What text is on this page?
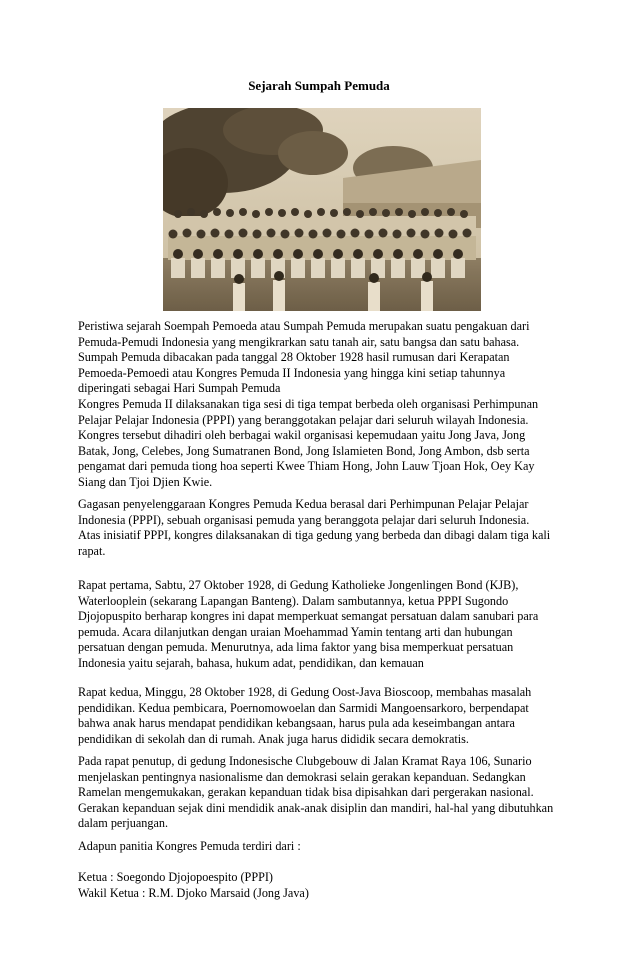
Sejarah Sumpah Pemuda
Peristiwa sejarah Soempah Pemoeda atau Sumpah Pemuda merupakan suatu pengakuan dari
Pemuda-Pemudi Indonesia yang mengikrarkan satu tanah air, satu bangsa dan satu bahasa.
Sumpah Pemuda dibacakan pada tanggal 28 Oktober 1928 hasil rumusan dari Kerapatan
Pemoeda-Pemoedi atau Kongres Pemuda II Indonesia yang hingga kini setiap tahunnya
diperingati sebagai Hari Sumpah Pemuda
Kongres Pemuda II dilaksanakan tiga sesi di tiga tempat berbeda oleh organisasi Perhimpunan
Pelajar Pelajar Indonesia (PPPI) yang beranggotakan pelajar dari seluruh wilayah Indonesia.
Kongres tersebut dihadiri oleh berbagai wakil organisasi kepemudaan yaitu Jong Java, Jong
Batak, Jong, Celebes, Jong Sumatranen Bond, Jong Islamieten Bond, Jong Ambon, dsb serta
pengamat dari pemuda tiong hoa seperti Kwee Thiam Hong, John Lauw Tjoan Hok, Oey Kay
Siang dan Tjoi Djien Kwie.
Gagasan penyelenggaraan Kongres Pemuda Kedua berasal dari Perhimpunan Pelajar Pelajar
Indonesia (PPPI), sebuah organisasi pemuda yang beranggota pelajar dari seluruh Indonesia.
Atas inisiatif PPPI, kongres dilaksanakan di tiga gedung yang berbeda dan dibagi dalam tiga kali
rapat.
Rapat pertama, Sabtu, 27 Oktober 1928, di Gedung Katholieke Jongenlingen Bond (KJB),
Waterlooplein (sekarang Lapangan Banteng). Dalam sambutannya, ketua PPPI Sugondo
Djojopuspito berharap kongres ini dapat memperkuat semangat persatuan dalam sanubari para
pemuda. Acara dilanjutkan dengan uraian Moehammad Yamin tentang arti dan hubungan
persatuan dengan pemuda. Menurutnya, ada lima faktor yang bisa memperkuat persatuan
Indonesia yaitu sejarah, bahasa, hukum adat, pendidikan, dan kemauan
Rapat kedua, Minggu, 28 Oktober 1928, di Gedung Oost-Java Bioscoop, membahas masalah
pendidikan. Kedua pembicara, Poernomowoelan dan Sarmidi Mangoensarkoro, berpendapat
bahwa anak harus mendapat pendidikan kebangsaan, harus pula ada keseimbangan antara
pendidikan di sekolah dan di rumah. Anak juga harus dididik secara demokratis.
Pada rapat penutup, di gedung Indonesische Clubgebouw di Jalan Kramat Raya 106, Sunario
menjelaskan pentingnya nasionalisme dan demokrasi selain gerakan kepanduan. Sedangkan
Ramelan mengemukakan, gerakan kepanduan tidak bisa dipisahkan dari pergerakan nasional.
Gerakan kepanduan sejak dini mendidik anak-anak disiplin dan mandiri, hal-hal yang dibutuhkan
dalam perjuangan.
Adapun panitia Kongres Pemuda terdiri dari :
Ketua : Soegondo Djojopoespito (PPPI)
Wakil Ketua : R.M. Djoko Marsaid (Jong Java)
